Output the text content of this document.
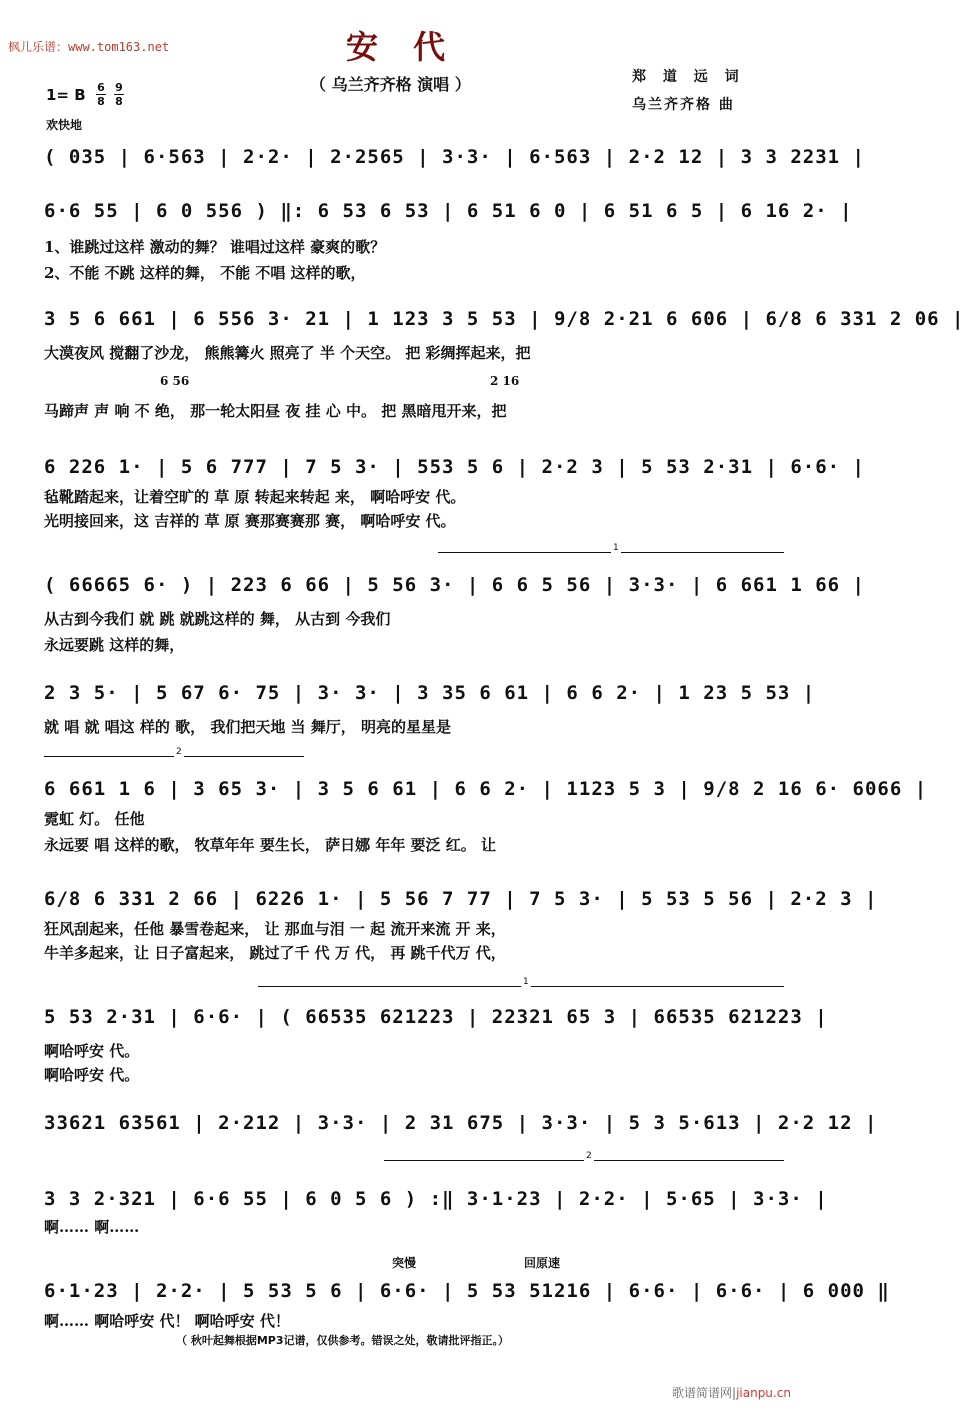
枫儿乐谱：www.tom163.net	安 代
（ 乌兰齐齐格 演唱 ）	郑 道 远 词
乌兰齐齐格 曲
1= B 6
8
9
8
欢快地
( 035 | 6·563 | 2·2· | 2·2565 | 3·3· | 6·563 | 2·2 12 | 3 3 2231 |
6·6 55 | 6 0 556 ) ‖: 6 53 6 53 | 6 51 6 0 | 6 51 6 5 | 6 16 2· |
1、谁跳过这样 激动的舞？ 谁唱过这样 豪爽的歌？
2、不能 不跳 这样的舞， 不能 不唱 这样的歌，
3 5 6 661 | 6 556 3· 21 | 1 123 3 5 53 | 9/8 2·21 6 606 | 6/8 6 331 2 06 |
大漠夜风 搅翻了沙龙， 熊熊篝火 照亮了 半 个天空。 把 彩绸挥起来，把
6 56	2 16
马蹄声 声 响 不 绝， 那一轮太阳昼 夜 挂 心 中。 把 黑暗甩开来，把
6 226 1· | 5 6 777 | 7 5 3· | 553 5 6 | 2·2 3 | 5 53 2·31 | 6·6· |
毡靴踏起来，让着空旷的 草 原 转起来转起 来， 啊哈呼安 代。
光明接回来，这 吉祥的 草 原 赛那赛赛那 赛， 啊哈呼安 代。
1
( 66665 6· ) | 223 6 66 | 5 56 3· | 6 6 5 56 | 3·3· | 6 661 1 66 |
从古到今我们 就 跳 就跳这样的 舞， 从古到 今我们
永远要跳 这样的舞，
2 3 5· | 5 67 6· 75 | 3· 3· | 3 35 6 61 | 6 6 2· | 1 23 5 53 |
就 唱 就 唱这 样的 歌， 我们把天地 当 舞厅， 明亮的星星是
2
6 661 1 6 | 3 65 3· | 3 5 6 61 | 6 6 2· | 1123 5 3 | 9/8 2 16 6· 6066 |
霓虹 灯。 任他
永远要 唱 这样的歌， 牧草年年 要生长， 萨日娜 年年 要泛 红。 让
6/8 6 331 2 66 | 6226 1· | 5 56 7 77 | 7 5 3· | 5 53 5 56 | 2·2 3 |
狂风刮起来，任他 暴雪卷起来， 让 那血与泪 一 起 流开来流 开 来，
牛羊多起来，让 日子富起来， 跳过了千 代 万 代， 再 跳千代万 代，
1
5 53 2·31 | 6·6· | ( 66535 621223 | 22321 65 3 | 66535 621223 |
啊哈呼安 代。
啊哈呼安 代。
33621 63561 | 2·212 | 3·3· | 2 31 675 | 3·3· | 5 3 5·613 | 2·2 12 |
2
3 3 2·321 | 6·6 55 | 6 0 5 6 ) :‖ 3·1·23 | 2·2· | 5·65 | 3·3· |
啊…… 啊……
突慢	回原速
6·1·23 | 2·2· | 5 53 5 6 | 6·6· | 5 53 51216 | 6·6· | 6·6· | 6 000 ‖
啊…… 啊哈呼安 代！ 啊哈呼安 代！
（ 秋叶起舞根据MP3记谱，仅供参考。错误之处，敬请批评指正。）
歌谱简谱网|jianpu.cn
